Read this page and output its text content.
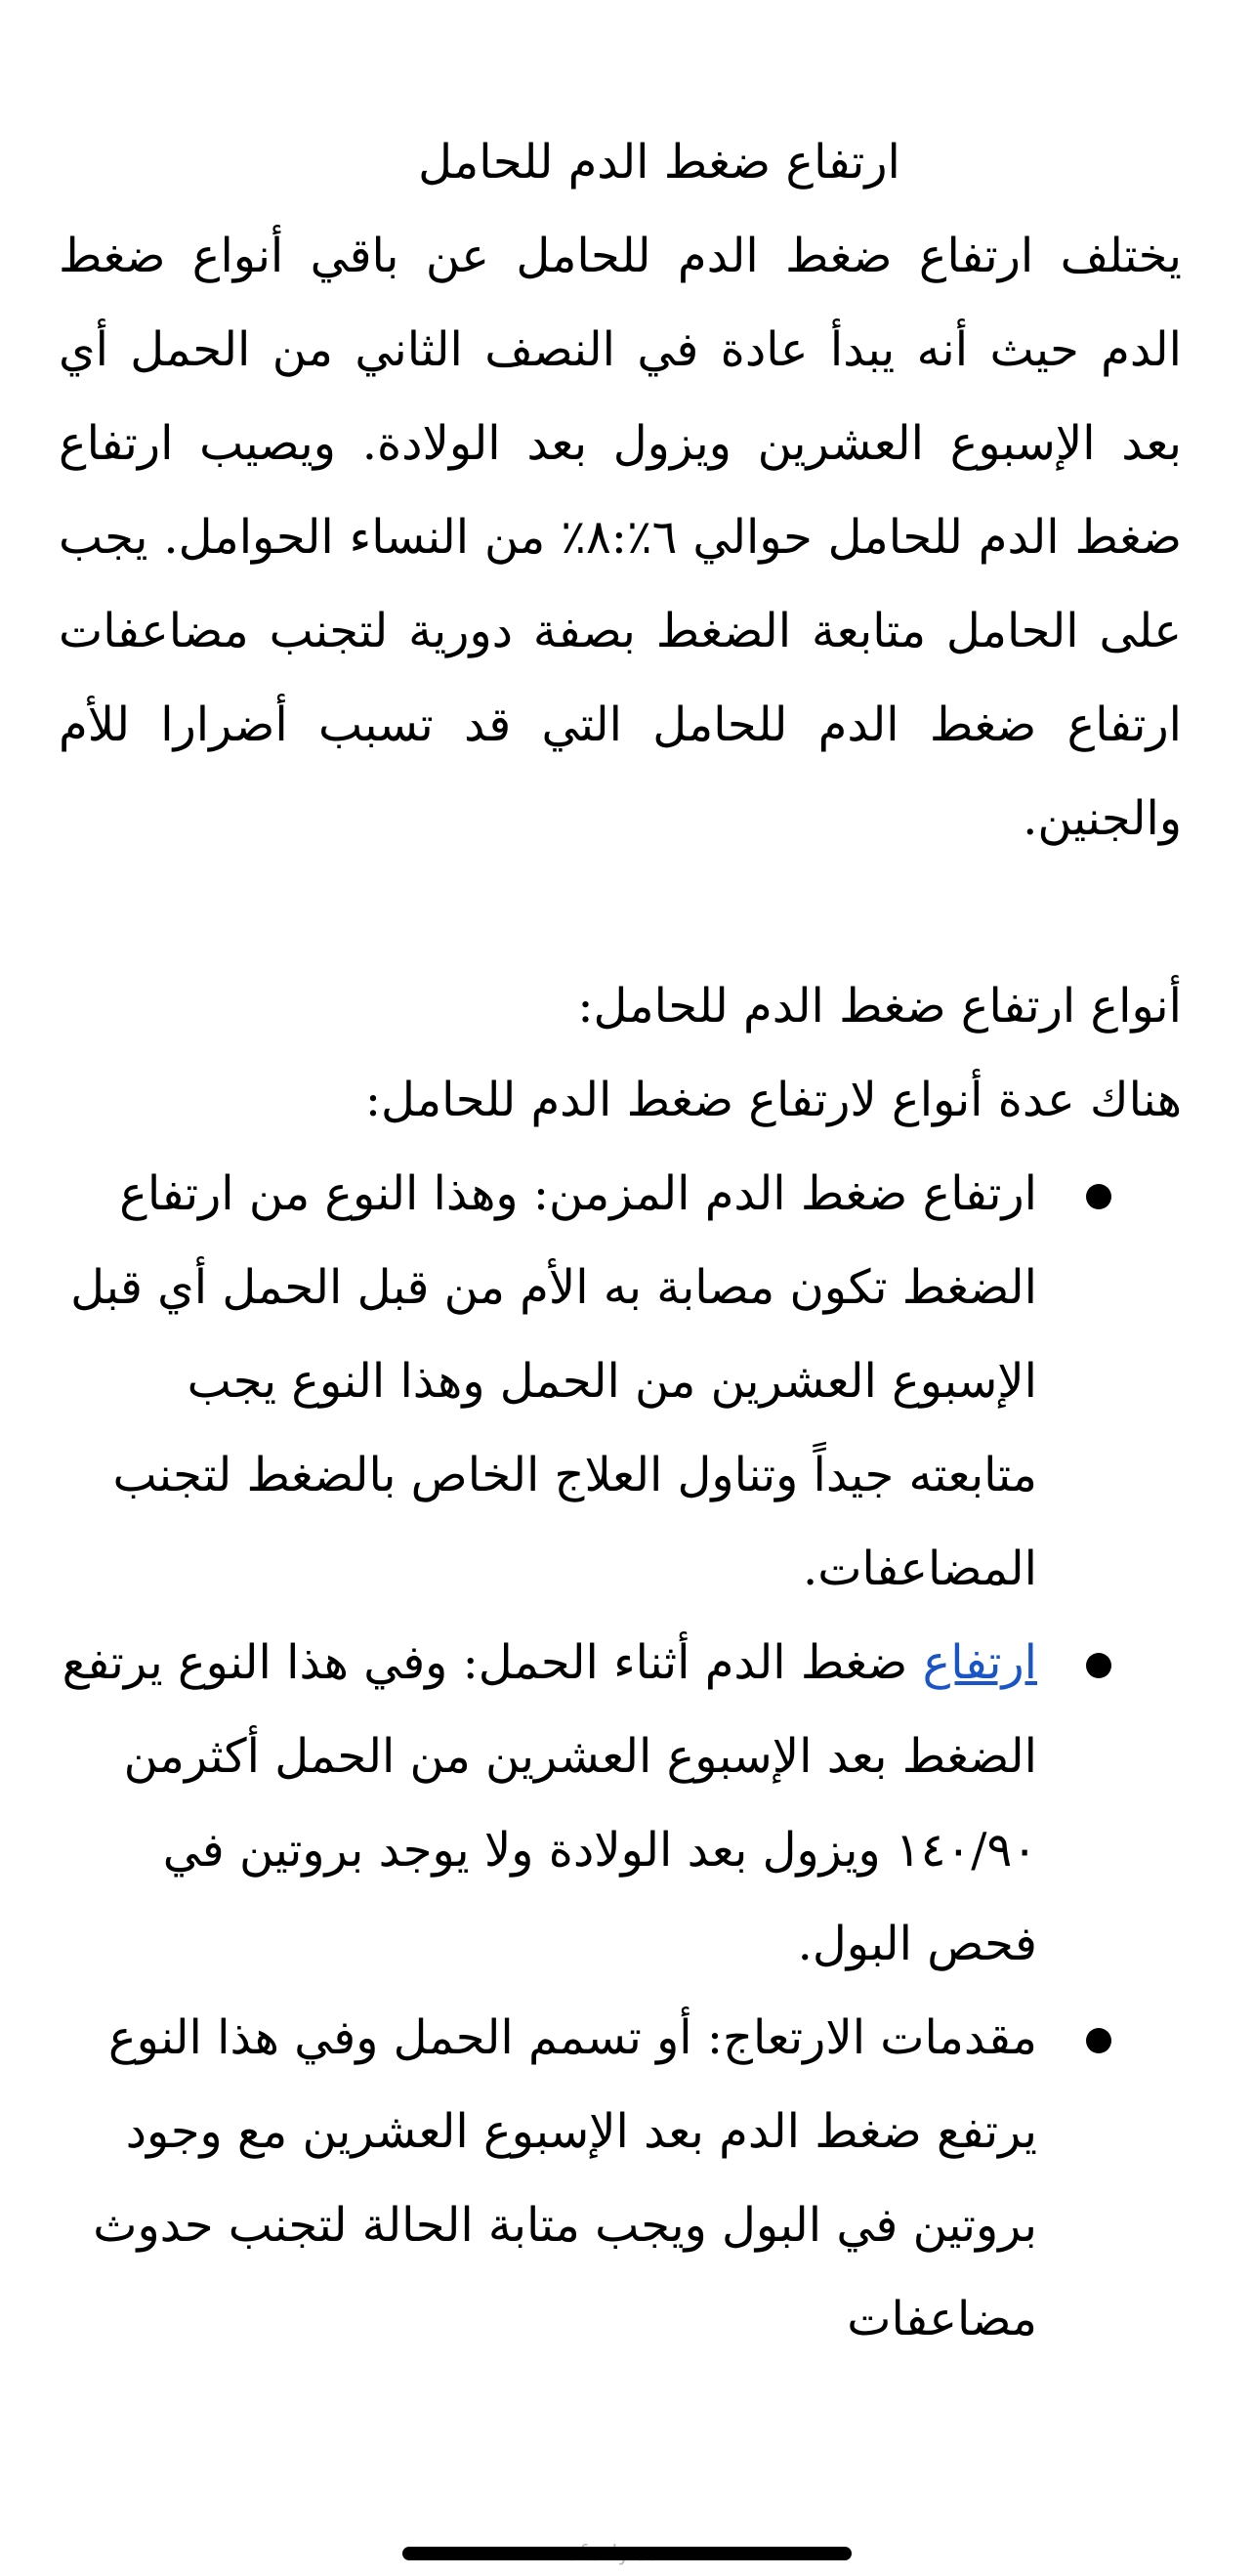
ارتفاع ضغط الدم للحامل

يختلف ارتفاع ضغط الدم للحامل عن باقي أنواع ضغط الدم حيث أنه يبدأ عادة في النصف الثاني من الحمل أي بعد الإسبوع العشرين ويزول بعد الولادة. ويصيب ارتفاع ضغط الدم للحامل حوالي ٦٪:٨٪ من النساء الحوامل. يجب على الحامل متابعة الضغط بصفة دورية لتجنب مضاعفات ارتفاع ضغط الدم للحامل التي قد تسبب أضرارا للأم والجنين.

أنواع ارتفاع ضغط الدم للحامل:

هناك عدة أنواع لارتفاع ضغط الدم للحامل:

ارتفاع ضغط الدم المزمن: وهذا النوع من ارتفاع الضغط تكون مصابة به الأم من قبل الحمل أي قبل الإسبوع العشرين من الحمل وهذا النوع يجب متابعته جيداً وتناول العلاج الخاص بالضغط لتجنب المضاعفات.
ارتفاع ضغط الدم أثناء الحمل: وفي هذا النوع يرتفع الضغط بعد الإسبوع العشرين من الحمل أكثرمن ١٤٠/٩٠ ويزول بعد الولادة ولا يوجد بروتين في فحص البول.
مقدمات الارتعاج: أو تسمم الحمل وفي هذا النوع يرتفع ضغط الدم بعد الإسبوع العشرين مع وجود بروتين في البول ويجب متابة الحالة لتجنب حدوث مضاعفات
